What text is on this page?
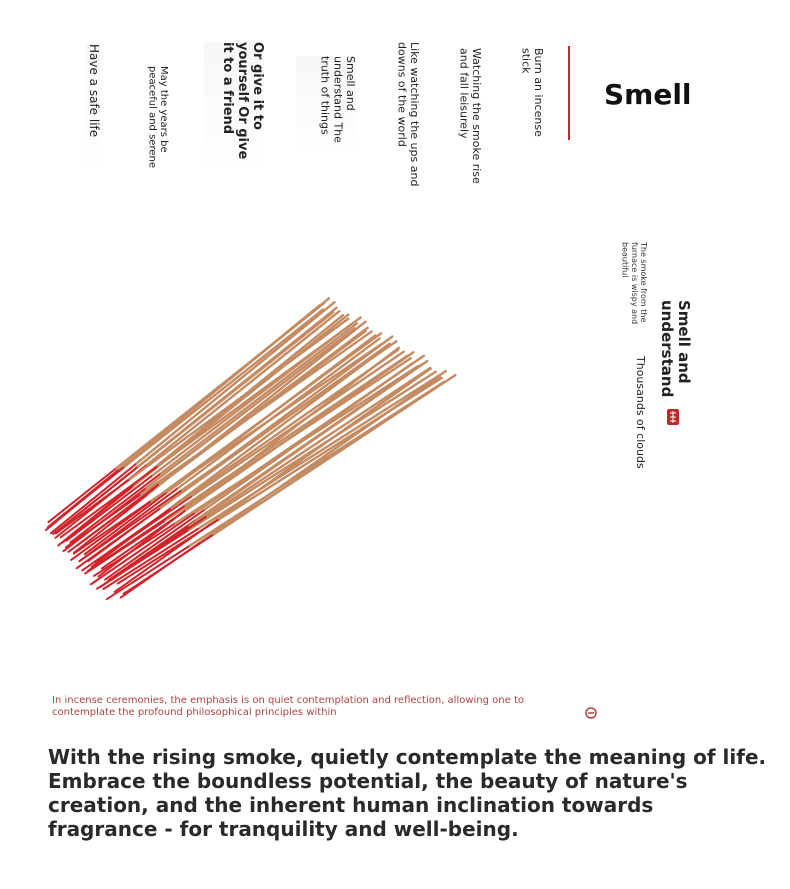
Have a safe life	May the years be peaceful and serene	Or give it to yourself Or give it to a friend	Smell and understand The truth of things	Like watching the ups and downs of the world	Watching the smoke rise and fall leisurely	Burn an incense stick
Smell
Smell and understand
The smoke from the furnace is wispy and beautiful
Thousands of clouds
In incense ceremonies, the emphasis is on quiet contemplation and reflection, allowing one to contemplate the profound philosophical principles within
With the rising smoke, quietly contemplate the meaning of life. Embrace the boundless potential, the beauty of nature's creation, and the inherent human inclination towards fragrance - for tranquility and well-being.
